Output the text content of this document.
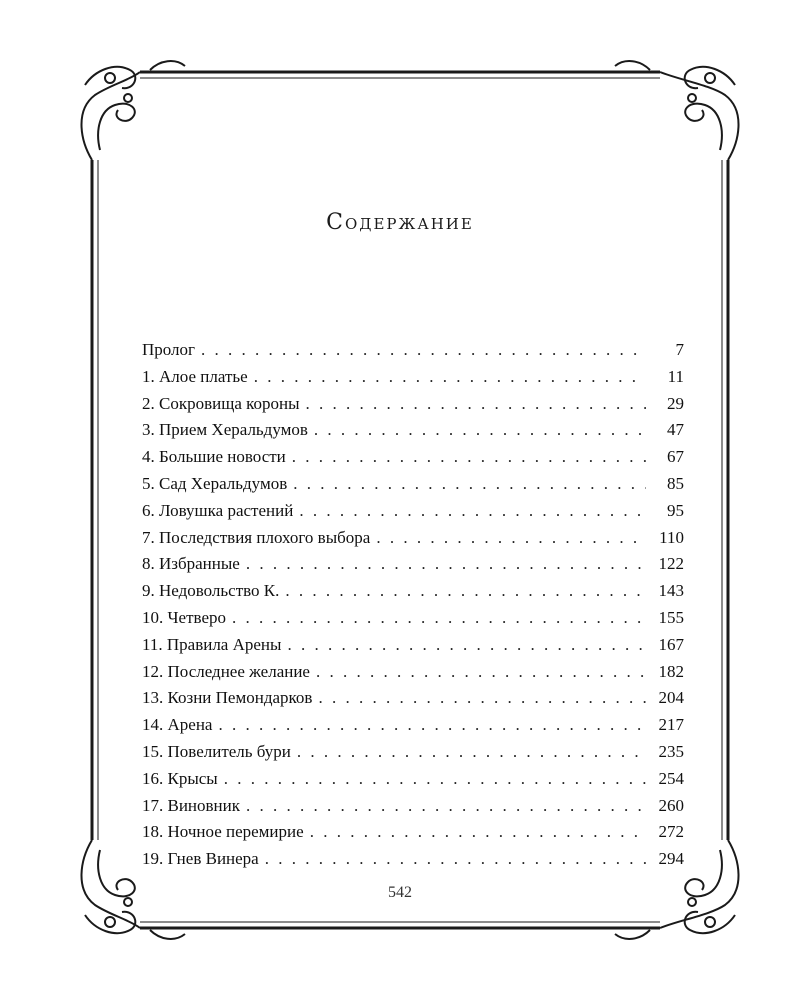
Содержание
Пролог . . .	7
1. Алое платье . . .	11
2. Сокровища короны . . .	29
3. Прием Херальдумов . . .	47
4. Большие новости . . .	67
5. Сад Херальдумов . . .	85
6. Ловушка растений . . .	95
7. Последствия плохого выбора . . .	110
8. Избранные . . .	122
9. Недовольство К. . . .	143
10. Четверо . . .	155
11. Правила Арены . . .	167
12. Последнее желание . . .	182
13. Козни Пемондарков . . .	204
14. Арена . . .	217
15. Повелитель бури . . .	235
16. Крысы . . .	254
17. Виновник . . .	260
18. Ночное перемирие . . .	272
19. Гнев Винера . . .	294
542
